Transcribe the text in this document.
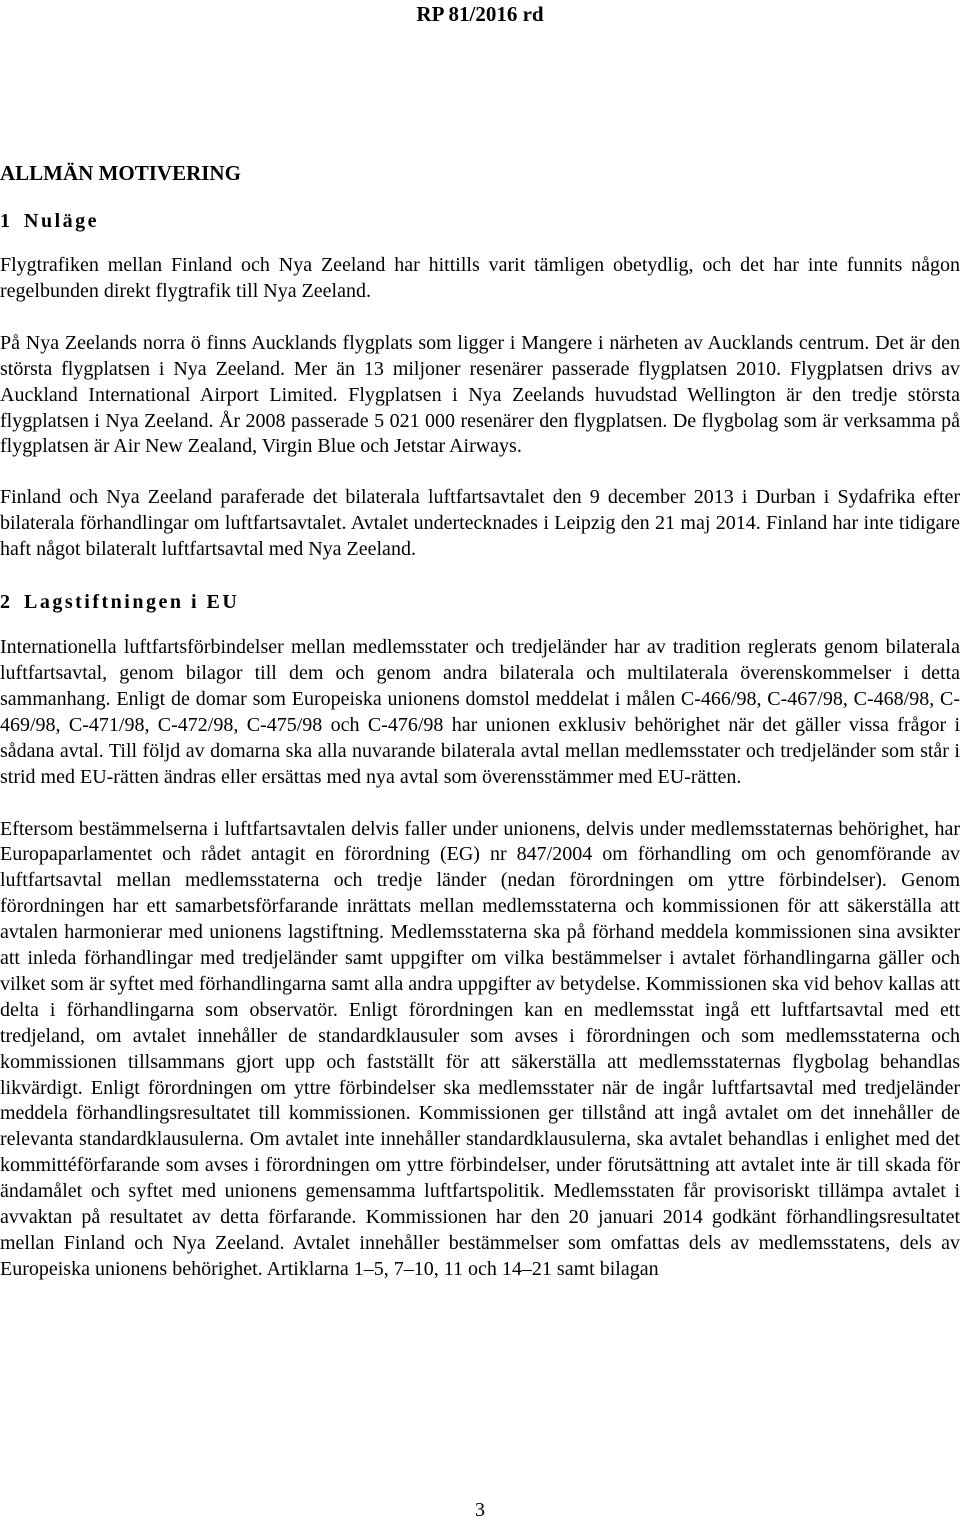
RP 81/2016 rd
ALLMÄN MOTIVERING
1 Nuläge

Flygtrafiken mellan Finland och Nya Zeeland har hittills varit tämligen obetydlig, och det har inte funnits någon regelbunden direkt flygtrafik till Nya Zeeland.

På Nya Zeelands norra ö finns Aucklands flygplats som ligger i Mangere i närheten av Aucklands centrum. Det är den största flygplatsen i Nya Zeeland. Mer än 13 miljoner resenärer passerade flygplatsen 2010. Flygplatsen drivs av Auckland International Airport Limited. Flygplatsen i Nya Zeelands huvudstad Wellington är den tredje största flygplatsen i Nya Zeeland. År 2008 passerade 5 021 000 resenärer den flygplatsen. De flygbolag som är verksamma på flygplatsen är Air New Zealand, Virgin Blue och Jetstar Airways.

Finland och Nya Zeeland paraferade det bilaterala luftfartsavtalet den 9 december 2013 i Durban i Sydafrika efter bilaterala förhandlingar om luftfartsavtalet. Avtalet undertecknades i Leipzig den 21 maj 2014. Finland har inte tidigare haft något bilateralt luftfartsavtal med Nya Zeeland.

2 Lagstiftningen i EU

Internationella luftfartsförbindelser mellan medlemsstater och tredjeländer har av tradition reglerats genom bilaterala luftfartsavtal, genom bilagor till dem och genom andra bilaterala och multilaterala överenskommelser i detta sammanhang. Enligt de domar som Europeiska unionens domstol meddelat i målen C-466/98, C-467/98, C-468/98, C-469/98, C-471/98, C-472/98, C-475/98 och C-476/98 har unionen exklusiv behörighet när det gäller vissa frågor i sådana avtal. Till följd av domarna ska alla nuvarande bilaterala avtal mellan medlemsstater och tredjeländer som står i strid med EU-rätten ändras eller ersättas med nya avtal som överensstämmer med EU-rätten.

Eftersom bestämmelserna i luftfartsavtalen delvis faller under unionens, delvis under medlemsstaternas behörighet, har Europaparlamentet och rådet antagit en förordning (EG) nr 847/2004 om förhandling om och genomförande av luftfartsavtal mellan medlemsstaterna och tredje länder (nedan förordningen om yttre förbindelser). Genom förordningen har ett samarbetsförfarande inrättats mellan medlemsstaterna och kommissionen för att säkerställa att avtalen harmonierar med unionens lagstiftning. Medlemsstaterna ska på förhand meddela kommissionen sina avsikter att inleda förhandlingar med tredjeländer samt uppgifter om vilka bestämmelser i avtalet förhandlingarna gäller och vilket som är syftet med förhandlingarna samt alla andra uppgifter av betydelse. Kommissionen ska vid behov kallas att delta i förhandlingarna som observatör. Enligt förordningen kan en medlemsstat ingå ett luftfartsavtal med ett tredjeland, om avtalet innehåller de standardklausuler som avses i förordningen och som medlemsstaterna och kommissionen tillsammans gjort upp och fastställt för att säkerställa att medlemsstaternas flygbolag behandlas likvärdigt. Enligt förordningen om yttre förbindelser ska medlemsstater när de ingår luftfartsavtal med tredjeländer meddela förhandlingsresultatet till kommissionen. Kommissionen ger tillstånd att ingå avtalet om det innehåller de relevanta standardklausulerna. Om avtalet inte innehåller standardklausulerna, ska avtalet behandlas i enlighet med det kommittéförfarande som avses i förordningen om yttre förbindelser, under förutsättning att avtalet inte är till skada för ändamålet och syftet med unionens gemensamma luftfartspolitik. Medlemsstaten får provisoriskt tillämpa avtalet i avvaktan på resultatet av detta förfarande. Kommissionen har den 20 januari 2014 godkänt förhandlingsresultatet mellan Finland och Nya Zeeland. Avtalet innehåller bestämmelser som omfattas dels av medlemsstatens, dels av Europeiska unionens behörighet. Artiklarna 1–5, 7–10, 11 och 14–21 samt bilagan

3
